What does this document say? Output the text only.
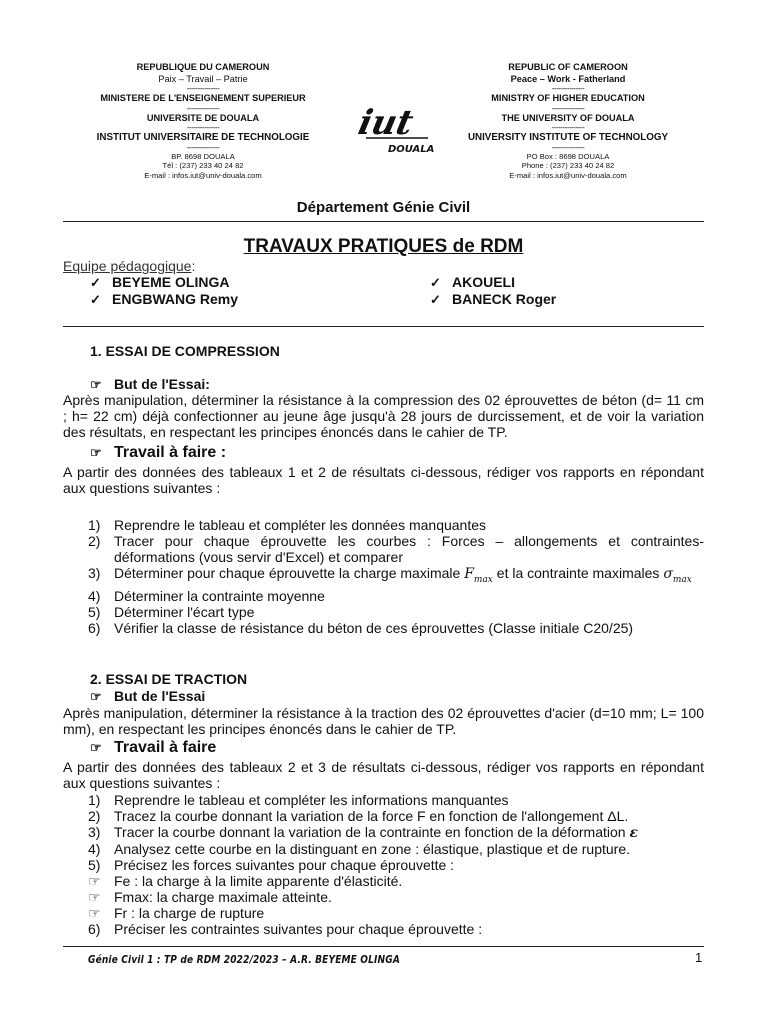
REPUBLIQUE DU CAMEROUN
Paix – Travail – Patrie
---------------
MINISTERE DE L'ENSEIGNEMENT SUPERIEUR
---------------
UNIVERSITE DE DOUALA
---------------
INSTITUT UNIVERSITAIRE DE TECHNOLOGIE
---------------
BP. 8698 DOUALA
Tél : (237) 233 40 24 82
E-mail : infos.iut@univ-douala.com
iut
DOUALA
REPUBLIC OF CAMEROON
Peace – Work - Fatherland
---------------
MINISTRY OF HIGHER EDUCATION
---------------
THE UNIVERSITY OF DOUALA
---------------
UNIVERSITY INSTITUTE OF TECHNOLOGY
---------------
PO Box : 8698 DOUALA
Phone : (237) 233 40 24 82
E-mail : infos.iut@univ-douala.com
Département Génie Civil
TRAVAUX PRATIQUES de RDM
Equipe pédagogique:
✓ BEYEME OLINGA	✓ AKOUELI
✓ ENGBWANG Remy	✓ BANECK Roger
1. ESSAI DE COMPRESSION
☞ But de l'Essai:
Après manipulation, déterminer la résistance à la compression des 02 éprouvettes de béton (d= 11 cm ; h= 22 cm) déjà confectionner au jeune âge jusqu'à 28 jours de durcissement, et de voir la variation des résultats, en respectant les principes énoncés dans le cahier de TP.
☞ Travail à faire :
A partir des données des tableaux 1 et 2 de résultats ci-dessous, rédiger vos rapports en répondant aux questions suivantes :
1) Reprendre le tableau et compléter les données manquantes
2) Tracer pour chaque éprouvette les courbes : Forces – allongements et contraintes-déformations (vous servir d'Excel) et comparer
3) Déterminer pour chaque éprouvette la charge maximale $F_{max}$ et la contrainte maximales $\sigma_{max}$
4) Déterminer la contrainte moyenne
5) Déterminer l'écart type
6) Vérifier la classe de résistance du béton de ces éprouvettes (Classe initiale C20/25)
2. ESSAI DE TRACTION
☞ But de l'Essai
Après manipulation, déterminer la résistance à la traction des 02 éprouvettes d'acier (d=10 mm; L= 100 mm), en respectant les principes énoncés dans le cahier de TP.
☞ Travail à faire
A partir des données des tableaux 2 et 3 de résultats ci-dessous, rédiger vos rapports en répondant aux questions suivantes :
1) Reprendre le tableau et compléter les informations manquantes
2) Tracez la courbe donnant la variation de la force F en fonction de l'allongement ΔL.
3) Tracer la courbe donnant la variation de la contrainte en fonction de la déformation ε
4) Analysez cette courbe en la distinguant en zone : élastique, plastique et de rupture.
5) Précisez les forces suivantes pour chaque éprouvette :
☞ Fe : la charge à la limite apparente d'élasticité.
☞ Fmax: la charge maximale atteinte.
☞ Fr : la charge de rupture
6) Préciser les contraintes suivantes pour chaque éprouvette :
Génie Civil 1 : TP de RDM 2022/2023 – A.R. BEYEME OLINGA	1
